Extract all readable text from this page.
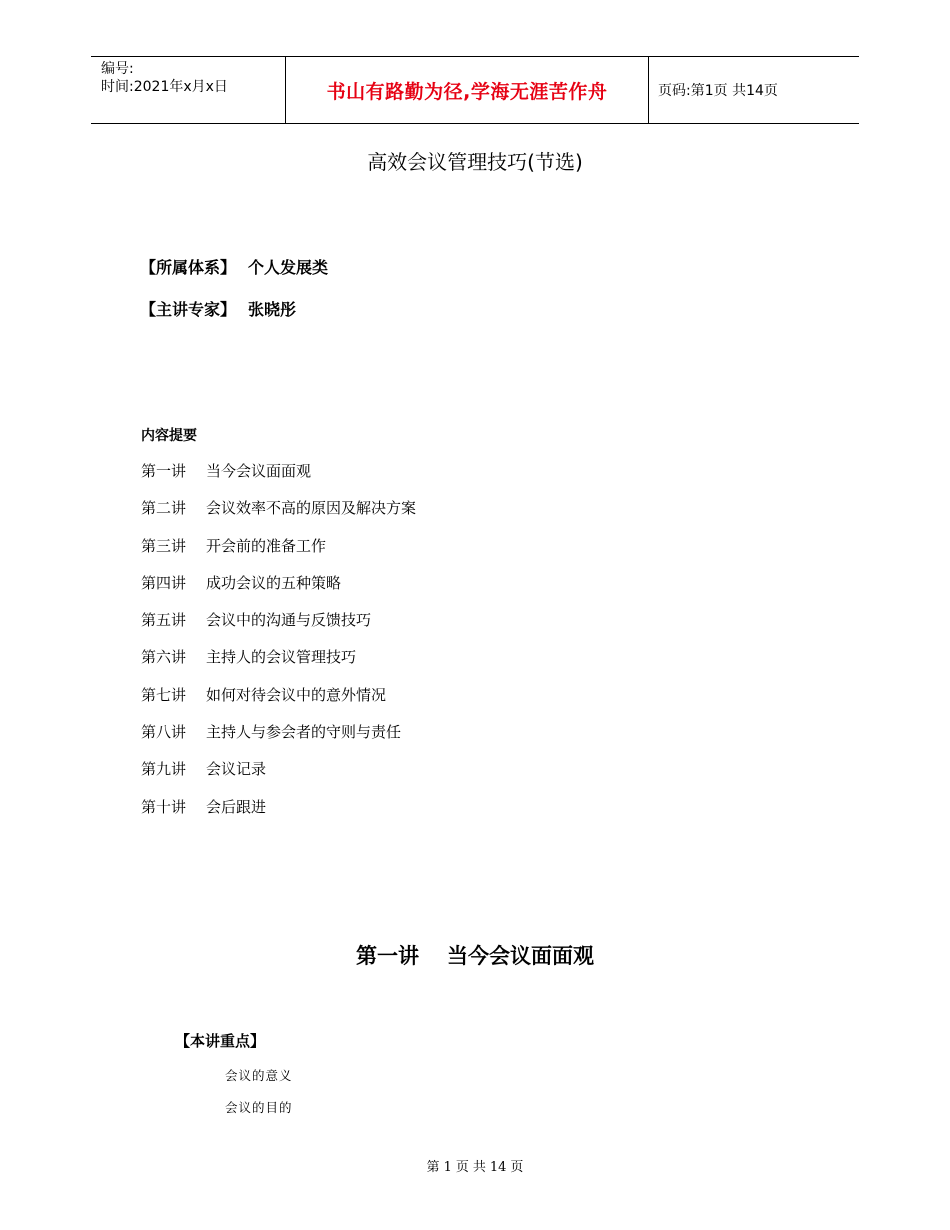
编号:
时间:2021年x月x日	书山有路勤为径,学海无涯苦作舟	页码:第1页 共14页
高效会议管理技巧(节选)
【所属体系】 个人发展类
【主讲专家】 张晓彤
内容提要
第一讲 当今会议面面观
第二讲 会议效率不高的原因及解决方案
第三讲 开会前的准备工作
第四讲 成功会议的五种策略
第五讲 会议中的沟通与反馈技巧
第六讲 主持人的会议管理技巧
第七讲 如何对待会议中的意外情况
第八讲 主持人与参会者的守则与责任
第九讲 会议记录
第十讲 会后跟进
第一讲 当今会议面面观
【本讲重点】
会议的意义
会议的目的
第 1 页 共 14 页
